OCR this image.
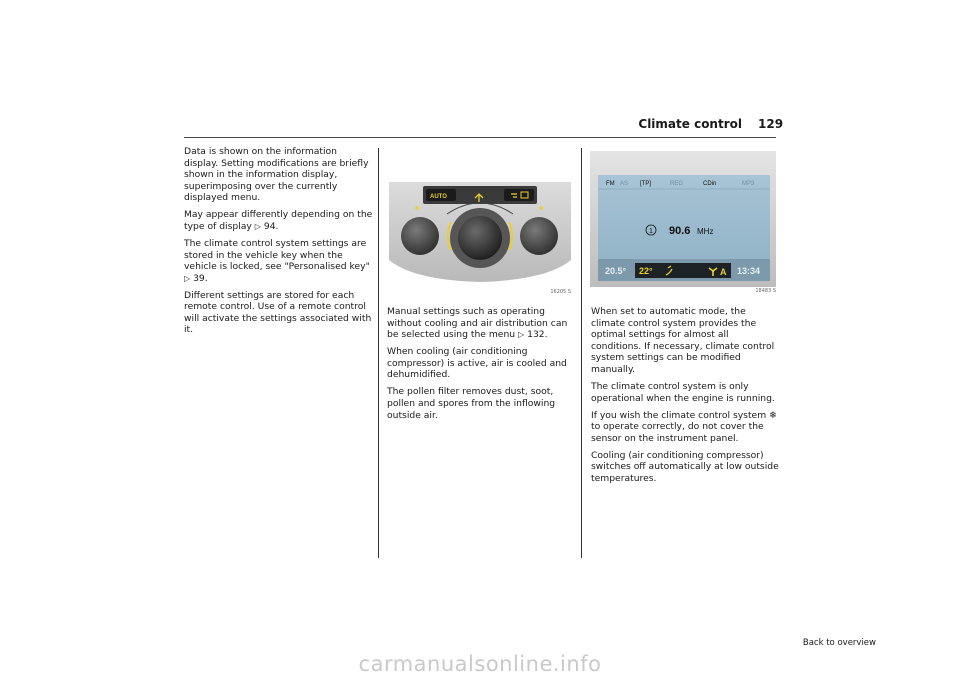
Climate control 129

Data is shown on the information display. Setting modifications are briefly shown in the information display, superimposing over the currently displayed menu.

May appear differently depending on the type of display ▷ 94.

The climate control system settings are stored in the vehicle key when the vehicle is locked, see "Personalised key" ▷ 39.

Different settings are stored for each remote control. Use of a remote control will activate the settings associated with it.

AUTO
16205 S

Manual settings such as operating without cooling and air distribution can be selected using the menu ▷ 132.

When cooling (air conditioning compressor) is active, air is cooled and dehumidified.

The pollen filter removes dust, soot, pollen and spores from the inflowing outside air.

FM AS [TP]	REG	CDin	MP3
1 90.6 MHz
20.5° 22°	A 13:34
18483 S

When set to automatic mode, the climate control system provides the optimal settings for almost all conditions. If necessary, climate control system settings can be modified manually.

The climate control system is only operational when the engine is running.

If you wish the climate control system ❄ to operate correctly, do not cover the sensor on the instrument panel.

Cooling (air conditioning compressor) switches off automatically at low outside temperatures.

Back to overview
carmanualsonline.info
